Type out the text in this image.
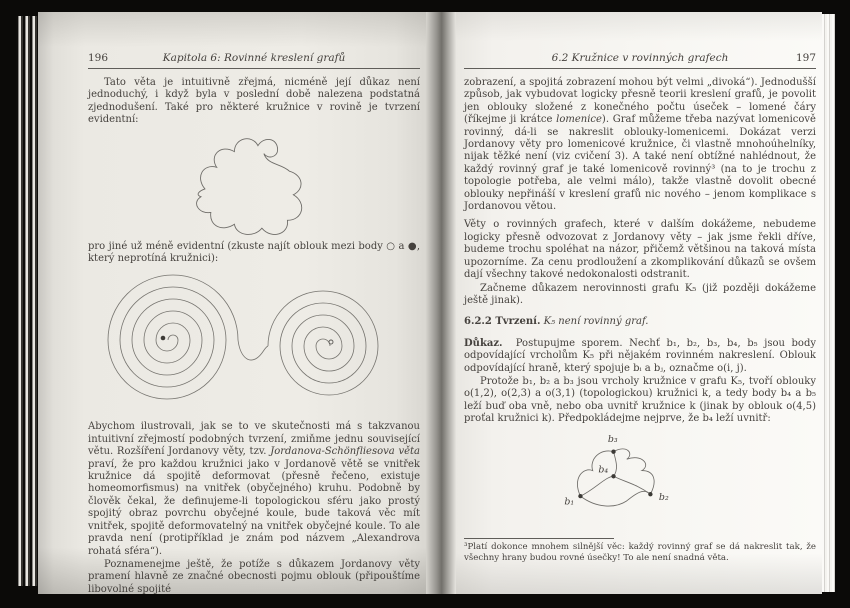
196	Kapitola 6: Rovinné kreslení grafů

Tato věta je intuitivně zřejmá, nicméně její důkaz není jednoduchý, i když byla v poslední době nalezena podstatná zjednodušení. Také pro některé kružnice v rovině je tvrzení evidentní:

pro jiné už méně evidentní (zkuste najít oblouk mezi body ○ a ●, který neprotíná kružnici):

Abychom ilustrovali, jak se to ve skutečnosti má s takzvanou intuitivní zřejmostí podobných tvrzení, zmiňme jednu související větu. Rozšíření Jordanovy věty, tzv. Jordanova-Schönfliesova věta praví, že pro každou kružnici jako v Jordanově větě se vnitřek kružnice dá spojitě deformovat (přesně řečeno, existuje homeomorfismus) na vnitřek (obyčejného) kruhu. Podobně by člověk čekal, že definujeme-li topologickou sféru jako prostý spojitý obraz povrchu obyčejné koule, bude taková věc mít vnitřek, spojitě deformovatelný na vnitřek obyčejné koule. To ale pravda není (protipříklad je znám pod názvem „Alexandrova rohatá sféra“).

Poznamenejme ještě, že potíže s důkazem Jordanovy věty pramení hlavně ze značné obecnosti pojmu oblouk (připouštíme libovolné spojité

6.2 Kružnice v rovinných grafech	197

zobrazení, a spojitá zobrazení mohou být velmi „divoká“). Jednodušší způsob, jak vybudovat logicky přesně teorii kreslení grafů, je povolit jen oblouky složené z konečného počtu úseček – lomené čáry (říkejme ji krátce lomenice). Graf můžeme třeba nazývat lomenicově rovinný, dá-li se nakreslit oblouky-lomenicemi. Dokázat verzi Jordanovy věty pro lomenicové kružnice, či vlastně mnohoúhelníky, nijak těžké není (viz cvičení 3). A také není obtížné nahlédnout, že každý rovinný graf je také lomenicově rovinný³ (na to je trochu z topologie potřeba, ale velmi málo), takže vlastně dovolit obecné oblouky nepřináší v kreslení grafů nic nového – jenom komplikace s Jordanovou větou.

Věty o rovinných grafech, které v dalším dokážeme, nebudeme logicky přesně odvozovat z Jordanovy věty – jak jsme řekli dříve, budeme trochu spoléhat na názor, přičemž většinou na taková místa upozorníme. Za cenu prodloužení a zkomplikování důkazů se ovšem dají všechny takové nedokonalosti odstranit.

Začneme důkazem nerovinnosti grafu K₅ (již později dokážeme ještě jinak).

6.2.2 Tvrzení. K₅ není rovinný graf.

Důkaz. Postupujme sporem. Nechť b₁, b₂, b₃, b₄, b₅ jsou body odpovídající vrcholům K₅ při nějakém rovinném nakreslení. Oblouk odpovídající hraně, který spojuje bᵢ a bⱼ, označme o(i, j).

Protože b₁, b₂ a b₃ jsou vrcholy kružnice v grafu K₅, tvoří oblouky o(1,2), o(2,3) a o(3,1) (topologickou) kružnici k, a tedy body b₄ a b₅ leží buď oba vně, nebo oba uvnitř kružnice k (jinak by oblouk o(4,5) proťal kružnici k). Předpokládejme nejprve, že b₄ leží uvnitř:

b₃
b₄
b₁	b₂

³Platí dokonce mnohem silnější věc: každý rovinný graf se dá nakreslit tak, že všechny hrany budou rovné úsečky! To ale není snadná věta.
